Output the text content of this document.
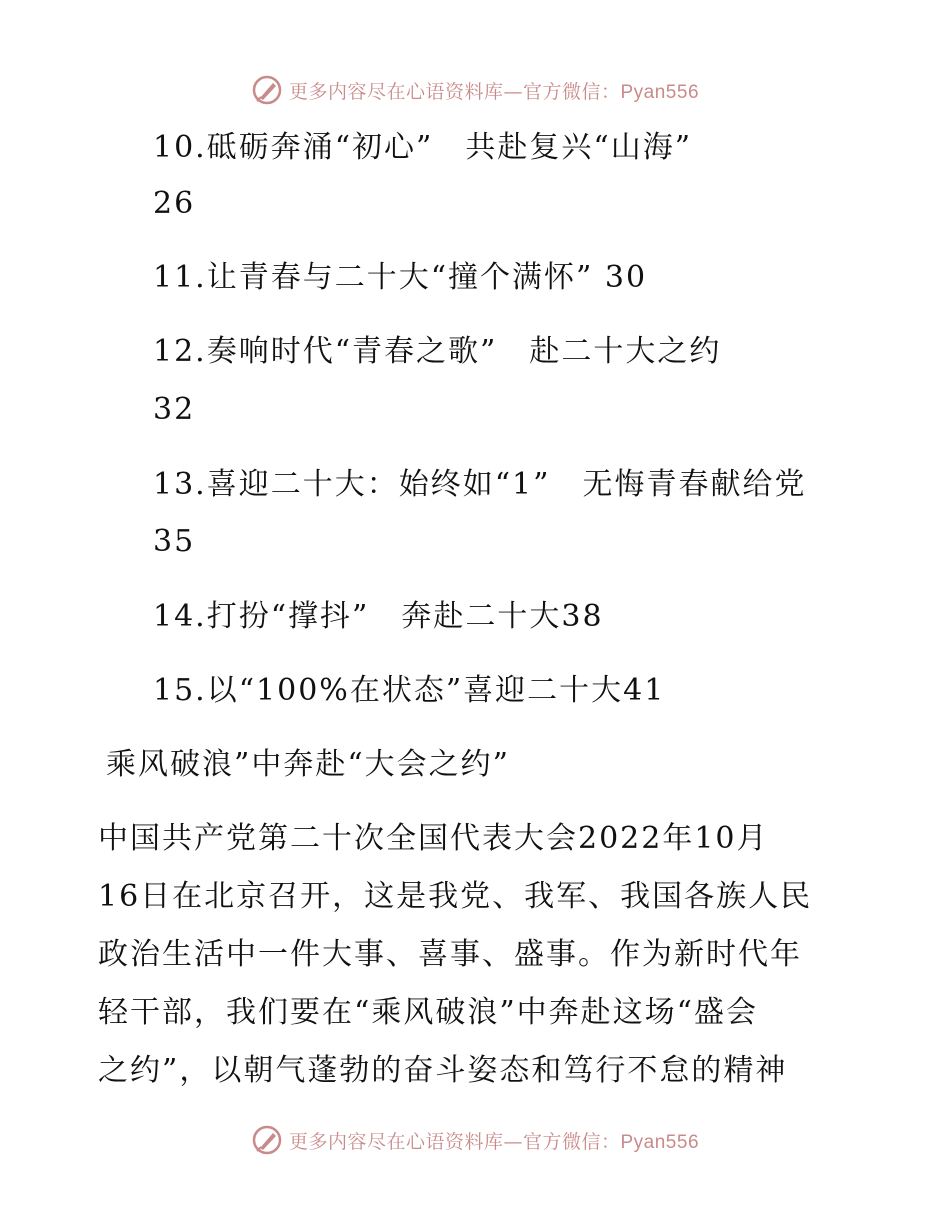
更多内容尽在心语资料库—官方微信：Pyan556
10.砥砺奔涌“初心”　共赴复兴“山海”
26
11.让青春与二十大“撞个满怀” 30
12.奏响时代“青春之歌”　赴二十大之约
32
13.喜迎二十大：始终如“1”　无悔青春献给党
35
14.打扮“撑抖”　奔赴二十大38
15.以“100%在状态”喜迎二十大41
乘风破浪”中奔赴“大会之约”
中国共产党第二十次全国代表大会2022年10月
16日在北京召开，这是我党、我军、我国各族人民
政治生活中一件大事、喜事、盛事。作为新时代年
轻干部，我们要在“乘风破浪”中奔赴这场“盛会
之约”，以朝气蓬勃的奋斗姿态和笃行不怠的精神
更多内容尽在心语资料库—官方微信：Pyan556
